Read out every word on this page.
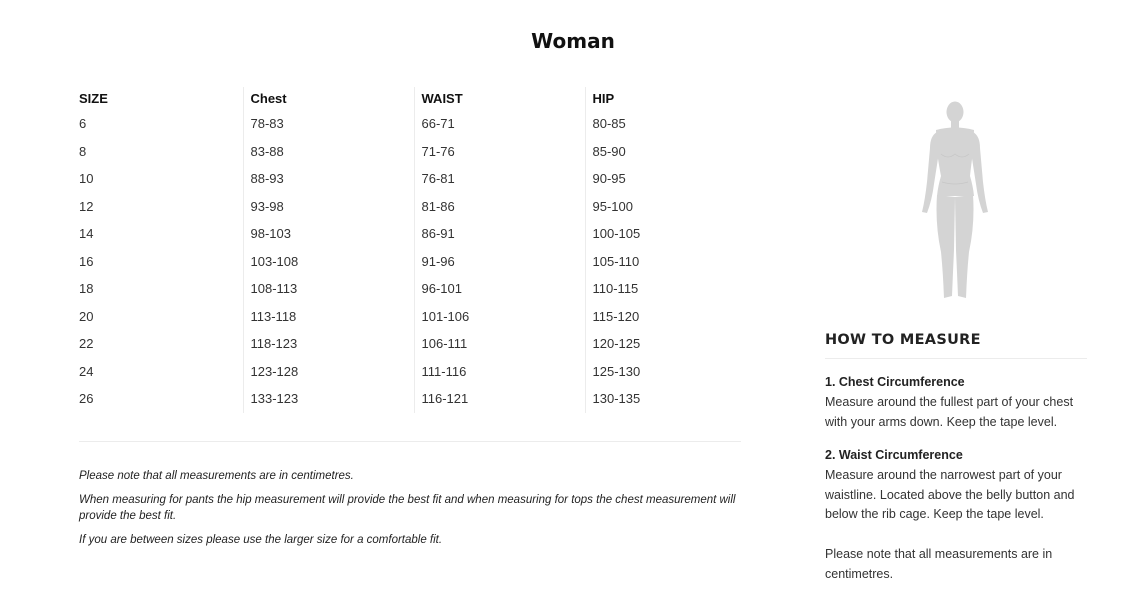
Woman
SIZE	Chest	WAIST	HIP
6	78-83	66-71	80-85
8	83-88	71-76	85-90
10	88-93	76-81	90-95
12	93-98	81-86	95-100
14	98-103	86-91	100-105
16	103-108	91-96	105-110
18	108-113	96-101	110-115
20	113-118	101-106	115-120
22	118-123	106-111	120-125
24	123-128	111-116	125-130
26	133-123	116-121	130-135

Please note that all measurements are in centimetres.

When measuring for pants the hip measurement will provide the best fit and when measuring for tops the chest measurement will provide the best fit.

If you are between sizes please use the larger size for a comfortable fit.

HOW TO MEASURE
1. Chest Circumference

Measure around the fullest part of your chest with your arms down. Keep the tape level.

2. Waist Circumference

Measure around the narrowest part of your waistline. Located above the belly button and below the rib cage. Keep the tape level.

Please note that all measurements are in centimetres.
